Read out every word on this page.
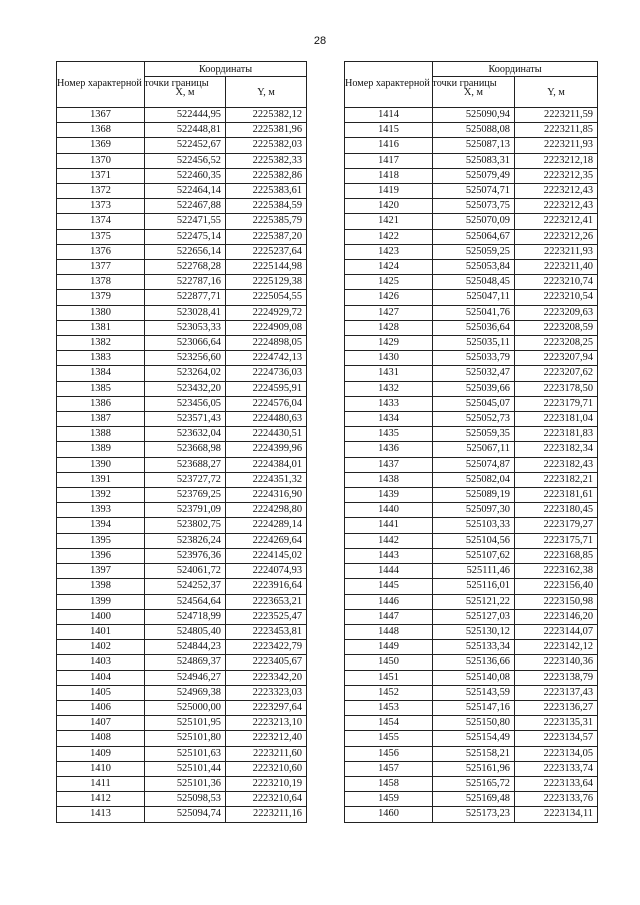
28
Номер характерной точки границы	Координаты	
	X, м	Y, м
1367	522444,95	2225382,12
1368	522448,81	2225381,96
1369	522452,67	2225382,03
1370	522456,52	2225382,33
1371	522460,35	2225382,86
1372	522464,14	2225383,61
1373	522467,88	2225384,59
1374	522471,55	2225385,79
1375	522475,14	2225387,20
1376	522656,14	2225237,64
1377	522768,28	2225144,98
1378	522787,16	2225129,38
1379	522877,71	2225054,55
1380	523028,41	2224929,72
1381	523053,33	2224909,08
1382	523066,64	2224898,05
1383	523256,60	2224742,13
1384	523264,02	2224736,03
1385	523432,20	2224595,91
1386	523456,05	2224576,04
1387	523571,43	2224480,63
1388	523632,04	2224430,51
1389	523668,98	2224399,96
1390	523688,27	2224384,01
1391	523727,72	2224351,32
1392	523769,25	2224316,90
1393	523791,09	2224298,80
1394	523802,75	2224289,14
1395	523826,24	2224269,64
1396	523976,36	2224145,02
1397	524061,72	2224074,93
1398	524252,37	2223916,64
1399	524564,64	2223653,21
1400	524718,99	2223525,47
1401	524805,40	2223453,81
1402	524844,23	2223422,79
1403	524869,37	2223405,67
1404	524946,27	2223342,20
1405	524969,38	2223323,03
1406	525000,00	2223297,64
1407	525101,95	2223213,10
1408	525101,80	2223212,40
1409	525101,63	2223211,60
1410	525101,44	2223210,60
1411	525101,36	2223210,19
1412	525098,53	2223210,64
1413	525094,74	2223211,16
Номер характерной точки границы	Координаты	
	X, м	Y, м
1414	525090,94	2223211,59
1415	525088,08	2223211,85
1416	525087,13	2223211,93
1417	525083,31	2223212,18
1418	525079,49	2223212,35
1419	525074,71	2223212,43
1420	525073,75	2223212,43
1421	525070,09	2223212,41
1422	525064,67	2223212,26
1423	525059,25	2223211,93
1424	525053,84	2223211,40
1425	525048,45	2223210,74
1426	525047,11	2223210,54
1427	525041,76	2223209,63
1428	525036,64	2223208,59
1429	525035,11	2223208,25
1430	525033,79	2223207,94
1431	525032,47	2223207,62
1432	525039,66	2223178,50
1433	525045,07	2223179,71
1434	525052,73	2223181,04
1435	525059,35	2223181,83
1436	525067,11	2223182,34
1437	525074,87	2223182,43
1438	525082,04	2223182,21
1439	525089,19	2223181,61
1440	525097,30	2223180,45
1441	525103,33	2223179,27
1442	525104,56	2223175,71
1443	525107,62	2223168,85
1444	525111,46	2223162,38
1445	525116,01	2223156,40
1446	525121,22	2223150,98
1447	525127,03	2223146,20
1448	525130,12	2223144,07
1449	525133,34	2223142,12
1450	525136,66	2223140,36
1451	525140,08	2223138,79
1452	525143,59	2223137,43
1453	525147,16	2223136,27
1454	525150,80	2223135,31
1455	525154,49	2223134,57
1456	525158,21	2223134,05
1457	525161,96	2223133,74
1458	525165,72	2223133,64
1459	525169,48	2223133,76
1460	525173,23	2223134,11
